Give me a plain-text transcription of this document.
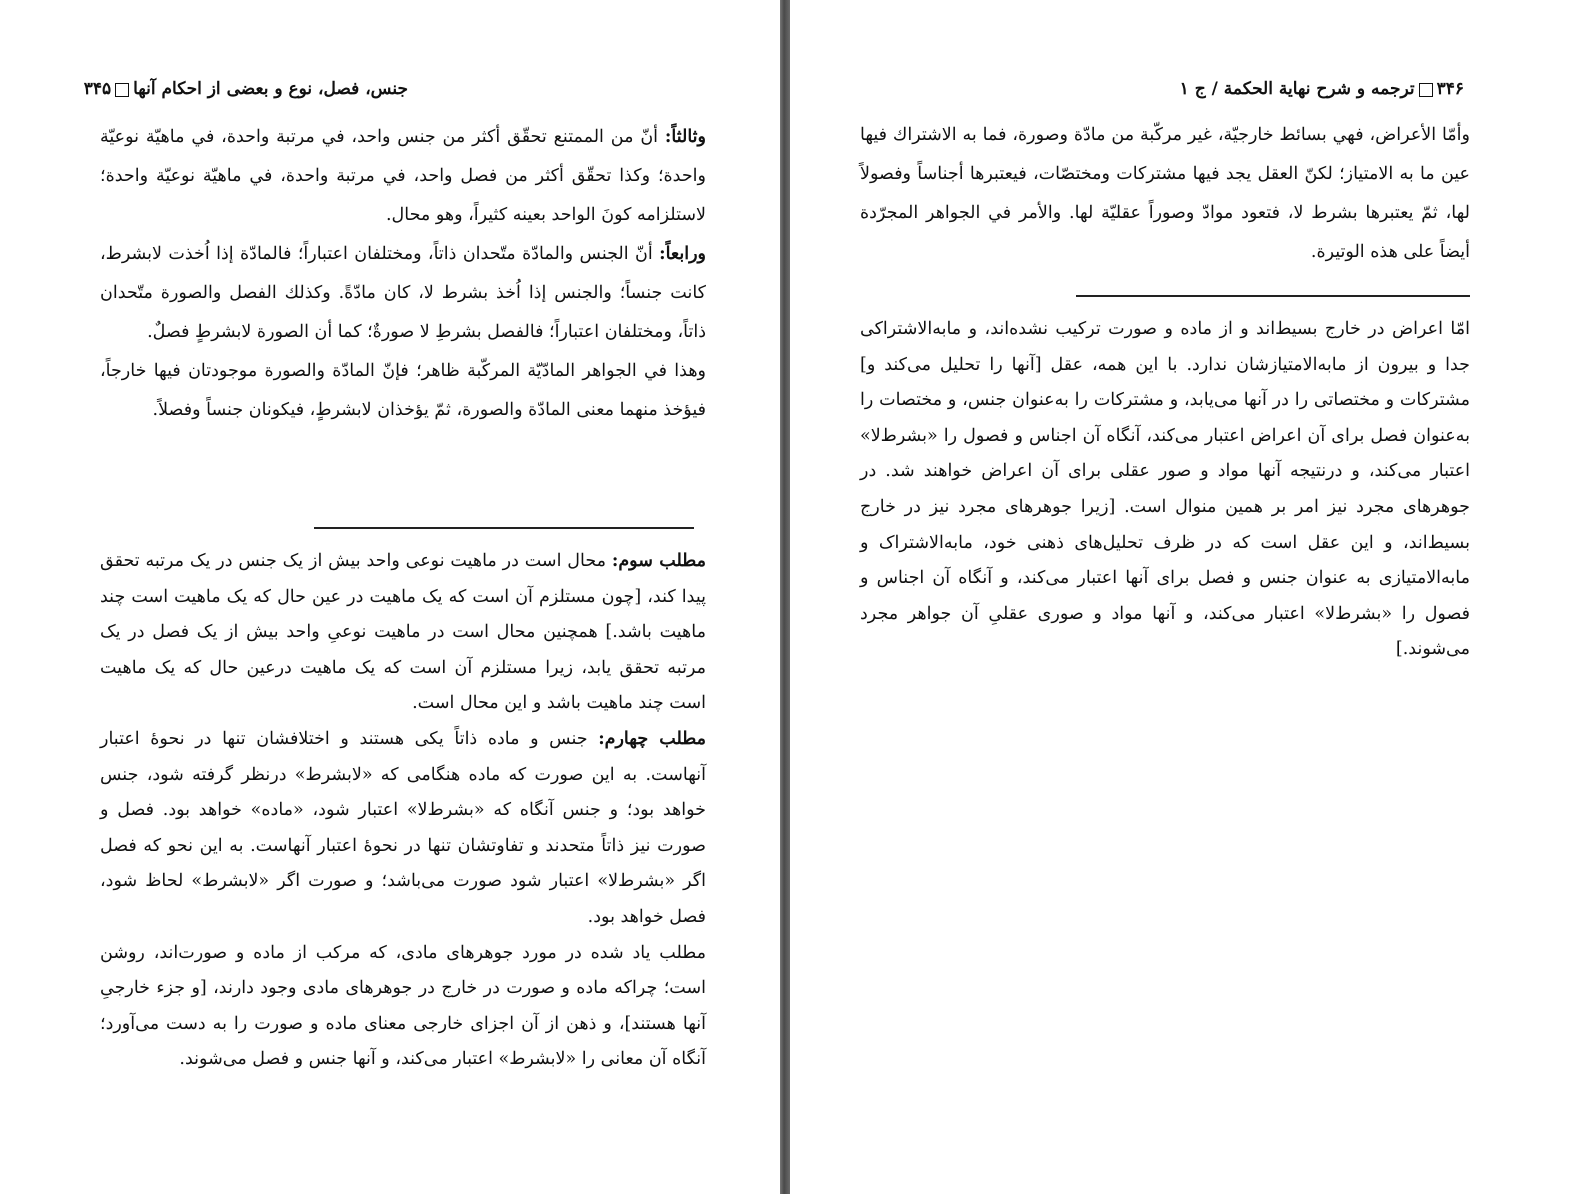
جنس، فصل، نوع و بعضی از احکام آنها۳۴۵

وثالثاً: أنّ من الممتنع تحقّق أكثر من جنس واحد، في مرتبة واحدة، في ماهيّة نوعيّة واحدة؛ وكذا تحقّق أكثر من فصل واحد، في مرتبة واحدة، في ماهيّة نوعيّة واحدة؛ لاستلزامه كونَ الواحد بعينه كثيراً، وهو محال.

ورابعاً: أنّ الجنس والمادّة متّحدان ذاتاً، ومختلفان اعتباراً؛ فالمادّة إذا اُخذت لابشرط، كانت جنساً؛ والجنس إذا اُخذ بشرط لا، كان مادّةً. وكذلك الفصل والصورة متّحدان ذاتاً، ومختلفان اعتباراً؛ فالفصل بشرطِ لا صورةٌ؛ كما أن الصورة لابشرطٍ فصلٌ.

وهذا في الجواهر المادّيّة المركّبة ظاهر؛ فإنّ المادّة والصورة موجودتان فيها خارجاً، فيؤخذ منهما معنى المادّة والصورة، ثمّ يؤخذان لابشرطٍ، فيكونان جنساً وفصلاً.

مطلب سوم: محال است در ماهیت نوعی واحد بیش از یک جنس در یک مرتبه تحقق پیدا کند، [چون مستلزم آن است که یک ماهیت در عین حال که یک ماهیت است چند ماهیت باشد.] همچنین محال است در ماهیت نوعیِ واحد بیش از یک فصل در یک مرتبه تحقق یابد، زیرا مستلزم آن است که یک ماهیت درعین حال که یک ماهیت است چند ماهیت باشد و این محال است.

مطلب چهارم: جنس و ماده ذاتاً یکی هستند و اختلافشان تنها در نحوهٔ اعتبار آنهاست. به این صورت که ماده هنگامی که «لابشرط» درنظر گرفته شود، جنس خواهد بود؛ و جنس آنگاه که «بشرط‌لا» اعتبار شود، «ماده» خواهد بود. فصل و صورت نیز ذاتاً متحدند و تفاوتشان تنها در نحوهٔ اعتبار آنهاست. به این نحو که فصل اگر «بشرط‌لا» اعتبار شود صورت می‌باشد؛ و صورت اگر «لابشرط» لحاظ شود، فصل خواهد بود.

مطلب یاد شده در مورد جوهرهای مادی، که مرکب از ماده و صورت‌اند، روشن است؛ چراکه ماده و صورت در خارج در جوهرهای مادی وجود دارند، [و جزء خارجیِ آنها هستند]، و ذهن از آن اجزای خارجی معنای ماده و صورت را به دست می‌آورد؛ آنگاه آن معانی را «لابشرط» اعتبار می‌کند، و آنها جنس و فصل می‌شوند.

۳۴۶ترجمه و شرح نهاية الحكمة / ج ۱

وأمّا الأعراض، فهي بسائط خارجيّة، غير مركّبة من مادّة وصورة، فما به الاشتراك فيها عين ما به الامتياز؛ لكنّ العقل يجد فيها مشتركات ومختصّات، فيعتبرها أجناساً وفصولاً لها، ثمّ يعتبرها بشرط لا، فتعود موادّ وصوراً عقليّة لها. والأمر في الجواهر المجرّدة أيضاً على هذه الوتيرة.

امّا اعراض در خارج بسیط‌اند و از ماده و صورت ترکیب نشده‌اند، و مابه‌الاشتراکی جدا و بیرون از مابه‌الامتیازشان ندارد. با این همه، عقل [آنها را تحلیل می‌کند و] مشترکات و مختصاتی را در آنها می‌یابد، و مشترکات را به‌عنوان جنس، و مختصات را به‌عنوان فصل برای آن اعراض اعتبار می‌کند، آنگاه آن اجناس و فصول را «بشرط‌لا» اعتبار می‌کند، و درنتیجه آنها مواد و صور عقلی برای آن اعراض خواهند شد. در جوهرهای مجرد نیز امر بر همین منوال است. [زیرا جوهرهای مجرد نیز در خارج بسیط‌اند، و این عقل است که در ظرف تحلیل‌های ذهنی خود، مابه‌الاشتراک و مابه‌الامتیازی به عنوان جنس و فصل برای آنها اعتبار می‌کند، و آنگاه آن اجناس و فصول را «بشرط‌لا» اعتبار می‌کند، و آنها مواد و صوری عقلیِ آن جواهر مجرد می‌شوند.]
